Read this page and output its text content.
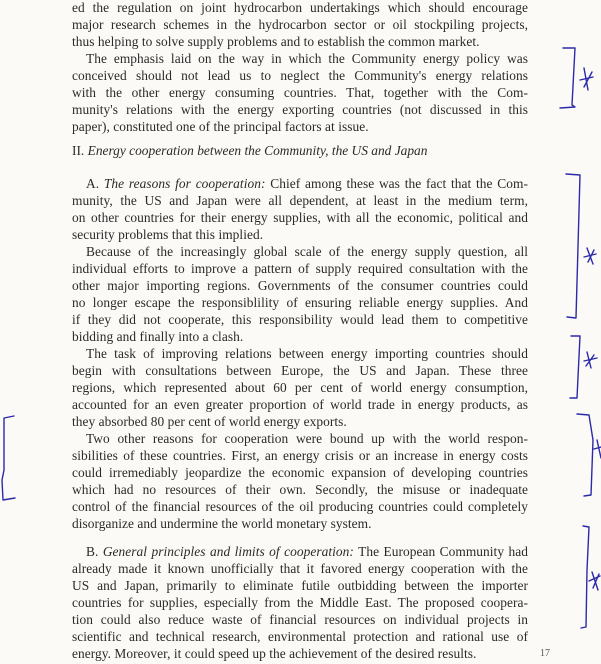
ed the regulation on joint hydrocarbon undertakings which should encourage
major research schemes in the hydrocarbon sector or oil stockpiling projects,
thus helping to solve supply problems and to establish the common market.
The emphasis laid on the way in which the Community energy policy was
conceived should not lead us to neglect the Community's energy relations
with the other energy consuming countries. That, together with the Com-
munity's relations with the energy exporting countries (not discussed in this
paper), constituted one of the principal factors at issue.
II. Energy cooperation between the Community, the US and Japan
A. The reasons for cooperation: Chief among these was the fact that the Com-
munity, the US and Japan were all dependent, at least in the medium term,
on other countries for their energy supplies, with all the economic, political and
security problems that this implied.
Because of the increasingly global scale of the energy supply question, all
individual efforts to improve a pattern of supply required consultation with the
other major importing regions. Governments of the consumer countries could
no longer escape the responsiblility of ensuring reliable energy supplies. And
if they did not cooperate, this responsibility would lead them to competitive
bidding and finally into a clash.
The task of improving relations between energy importing countries should
begin with consultations between Europe, the US and Japan. These three
regions, which represented about 60 per cent of world energy consumption,
accounted for an even greater proportion of world trade in energy products, as
they absorbed 80 per cent of world energy exports.
Two other reasons for cooperation were bound up with the world respon-
sibilities of these countries. First, an energy crisis or an increase in energy costs
could irremediably jeopardize the economic expansion of developing countries
which had no resources of their own. Secondly, the misuse or inadequate
control of the financial resources of the oil producing countries could completely
disorganize and undermine the world monetary system.
B. General principles and limits of cooperation: The European Community had
already made it known unofficially that it favored energy cooperation with the
US and Japan, primarily to eliminate futile outbidding between the importer
countries for supplies, especially from the Middle East. The proposed coopera-
tion could also reduce waste of financial resources on individual projects in
scientific and technical research, environmental protection and rational use of
energy. Moreover, it could speed up the achievement of the desired results.	17
